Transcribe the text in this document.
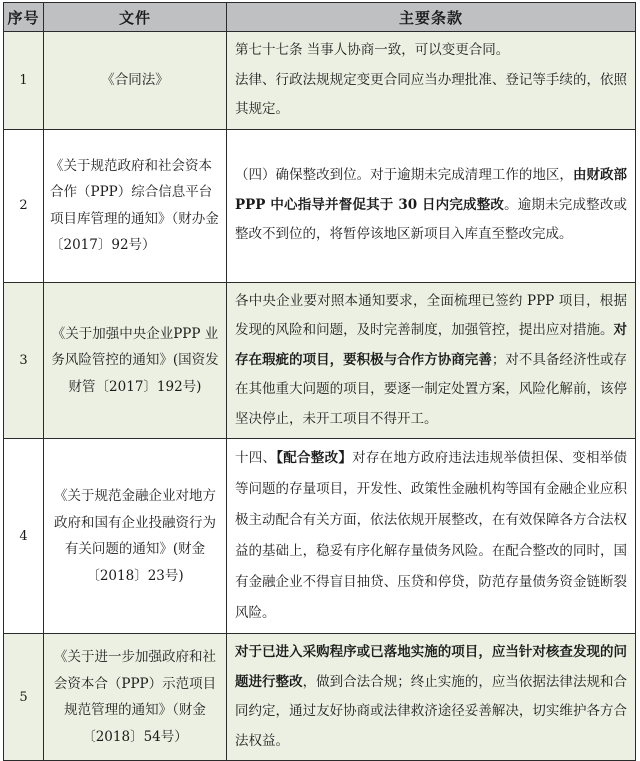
序号	文件	主要条款
1	《合同法》	第七十七条 当事人协商一致，可以变更合同。
法律、行政法规规定变更合同应当办理批准、登记等手续的，依照其规定。

2	《关于规范政府和社会资本合作（PPP）综合信息平台项目库管理的通知》（财办金〔2017〕92号）	（四）确保整改到位。对于逾期未完成清理工作的地区，由财政部 PPP 中心指导并督促其于 30 日内完成整改。逾期未完成整改或整改不到位的，将暂停该地区新项目入库直至整改完成。
3	《关于加强中央企业PPP 业务风险管控的通知》(国资发财管〔2017〕192号)	各中央企业要对照本通知要求，全面梳理已签约 PPP 项目，根据发现的风险和问题，及时完善制度，加强管控，提出应对措施。对存在瑕疵的项目，要积极与合作方协商完善；对不具备经济性或存在其他重大问题的项目，要逐一制定处置方案，风险化解前，该停坚决停止，未开工项目不得开工。
4	《关于规范金融企业对地方政府和国有企业投融资行为有关问题的通知》(财金〔2018〕23号)	十四、【配合整改】对存在地方政府违法违规举债担保、变相举债等问题的存量项目，开发性、政策性金融机构等国有金融企业应积极主动配合有关方面，依法依规开展整改，在有效保障各方合法权益的基础上，稳妥有序化解存量债务风险。在配合整改的同时，国有金融企业不得盲目抽贷、压贷和停贷，防范存量债务资金链断裂风险。
5	《关于进一步加强政府和社会资本合（PPP）示范项目规范管理的通知》（财金〔2018〕54号）	对于已进入采购程序或已落地实施的项目，应当针对核查发现的问题进行整改，做到合法合规；终止实施的，应当依据法律法规和合同约定，通过友好协商或法律救济途径妥善解决，切实维护各方合法权益。
